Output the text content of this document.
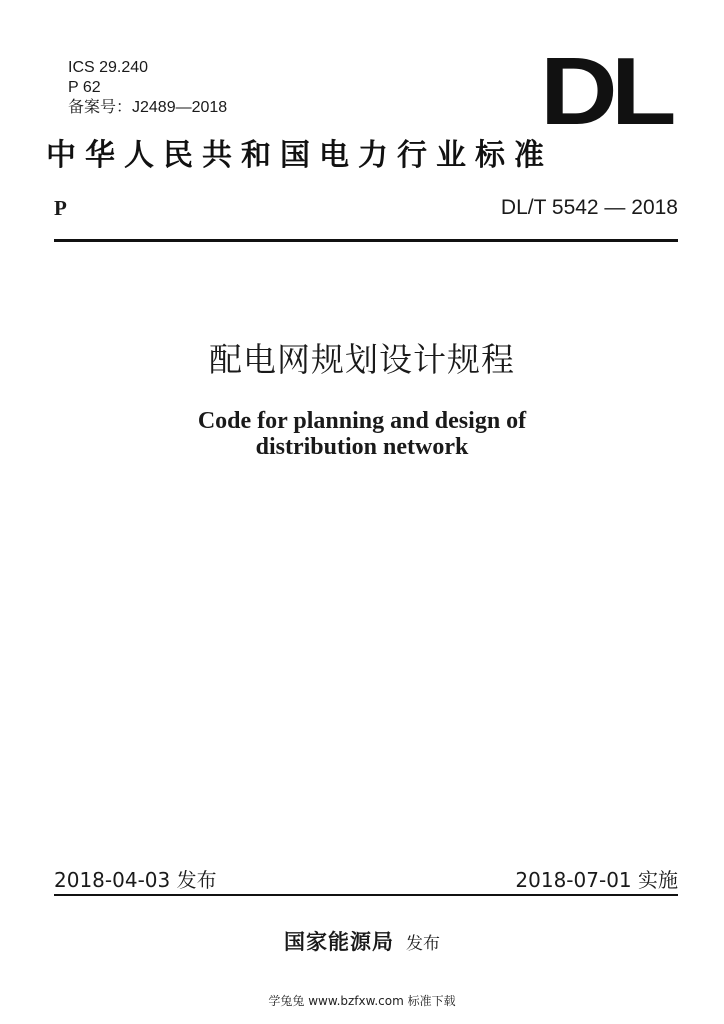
ICS 29.240
P 62
备案号：J2489—2018	DL
中华人民共和国电力行业标准
P	DL/T 5542 — 2018
配电网规划设计规程
Code for planning and design of
distribution network
2018-04-03 发布	2018-07-01 实施
国家能源局 发布
学兔兔 www.bzfxw.com 标准下载
